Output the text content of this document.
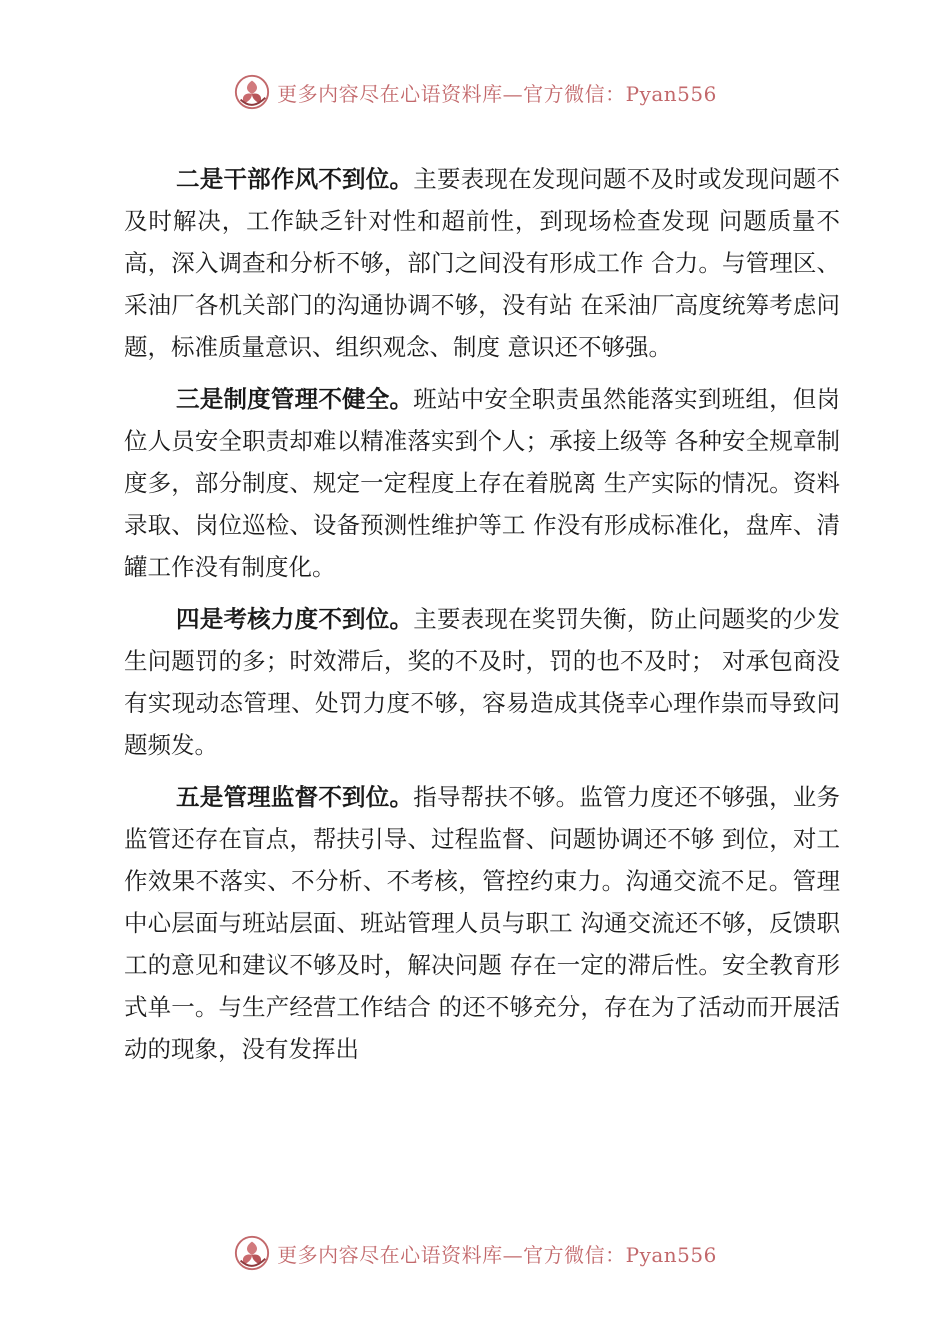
更多内容尽在心语资料库—官方微信：Pyan556

二是干部作风不到位。主要表现在发现问题不及时或发现问题不及时解决，工作缺乏针对性和超前性，到现场检查发现 问题质量不高，深入调查和分析不够，部门之间没有形成工作 合力。与管理区、采油厂各机关部门的沟通协调不够，没有站 在采油厂高度统筹考虑问题，标准质量意识、组织观念、制度 意识还不够强。

三是制度管理不健全。班站中安全职责虽然能落实到班组，但岗位人员安全职责却难以精准落实到个人；承接上级等 各种安全规章制度多，部分制度、规定一定程度上存在着脱离 生产实际的情况。资料录取、岗位巡检、设备预测性维护等工 作没有形成标准化，盘库、清罐工作没有制度化。

四是考核力度不到位。主要表现在奖罚失衡，防止问题奖的少发生问题罚的多；时效滞后，奖的不及时，罚的也不及时； 对承包商没有实现动态管理、处罚力度不够，容易造成其侥幸心理作祟而导致问题频发。

五是管理监督不到位。指导帮扶不够。监管力度还不够强，业务监管还存在盲点，帮扶引导、过程监督、问题协调还不够 到位，对工作效果不落实、不分析、不考核，管控约束力。沟通交流不足。管理中心层面与班站层面、班站管理人员与职工 沟通交流还不够，反馈职工的意见和建议不够及时，解决问题 存在一定的滞后性。安全教育形式单一。与生产经营工作结合 的还不够充分，存在为了活动而开展活动的现象，没有发挥出

更多内容尽在心语资料库—官方微信：Pyan556
